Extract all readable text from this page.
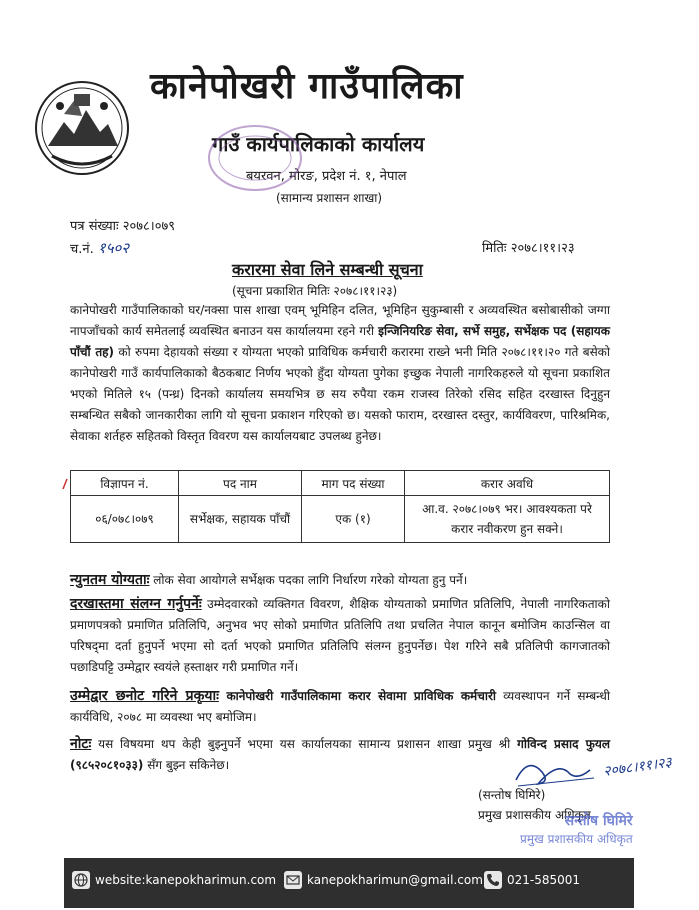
कानेपोखरी गाउँपालिका
गाउँ कार्यपालिकाको कार्यालय
बयरवन, मोरङ, प्रदेश नं. १, नेपाल
(सामान्य प्रशासन शाखा)
पत्र संख्याः २०७८।०७९
च.नं. १५०२	मितिः २०७८।११।२३
करारमा सेवा लिने सम्बन्धी सूचना
(सूचना प्रकाशित मितिः २०७८।११।२३)
कानेपोखरी गाउँपालिकाको घर/नक्सा पास शाखा एवम् भूमिहिन दलित, भूमिहिन सुकुम्बासी र अव्यवस्थित बसोबासीको जग्गा नापजाँचको कार्य समेतलाई व्यवस्थित बनाउन यस कार्यालयमा रहने गरी इन्जिनियरिङ सेवा, सर्भे समुह, सर्भेक्षक पद (सहायक पाँचौं तह) को रुपमा देहायको संख्या र योग्यता भएको प्राविधिक कर्मचारी करारमा राख्ने भनी मिति २०७८।११।२० गते बसेको कानेपोखरी गाउँ कार्यपालिकाको बैठकबाट निर्णय भएको हुँदा योग्यता पुगेका इच्छुक नेपाली नागरिकहरुले यो सूचना प्रकाशित भएको मितिले १५ (पन्ध्र) दिनको कार्यालय समयभित्र छ सय रुपैया रकम राजस्व तिरेको रसिद सहित दरखास्त दिनुहुन सम्बन्धित सबैको जानकारीका लागि यो सूचना प्रकाशन गरिएको छ। यसको फाराम, दरखास्त दस्तुर, कार्यविवरण, पारिश्रमिक, सेवाका शर्तहरु सहितको विस्तृत विवरण यस कार्यालयबाट उपलब्ध हुनेछ।
विज्ञापन नं.	पद नाम	माग पद संख्या	करार अवधि
०६/०७८।०७९	सर्भेक्षक, सहायक पाँचौं	एक (१)	आ.व. २०७८।०७९ भर। आवश्यकता परे करार नवीकरण हुन सक्ने।
न्युनतम योग्यताः लोक सेवा आयोगले सर्भेक्षक पदका लागि निर्धारण गरेको योग्यता हुनु पर्ने।
दरखास्तमा संलग्न गर्नुपर्नेः उम्मेदवारको व्यक्तिगत विवरण, शैक्षिक योग्यताको प्रमाणित प्रतिलिपि, नेपाली नागरिकताको प्रमाणपत्रको प्रमाणित प्रतिलिपि, अनुभव भए सोको प्रमाणित प्रतिलिपि तथा प्रचलित नेपाल कानून बमोजिम काउन्सिल वा परिषद्‌मा दर्ता हुनुपर्ने भएमा सो दर्ता भएको प्रमाणित प्रतिलिपि संलग्न हुनुपर्नेछ। पेश गरिने सबै प्रतिलिपी कागजातको पछाडिपट्टि उम्मेद्वार स्वयंले हस्ताक्षर गरी प्रमाणित गर्ने।
उम्मेद्वार छनोट गरिने प्रकृयाः कानेपोखरी गाउँपालिकामा करार सेवामा प्राविधिक कर्मचारी व्यवस्थापन गर्ने सम्बन्धी कार्यविधि, २०७८ मा व्यवस्था भए बमोजिम।
नोटः यस विषयमा थप केही बुझ्नुपर्ने भएमा यस कार्यालयका सामान्य प्रशासन शाखा प्रमुख श्री गोविन्द प्रसाद फुयल (९८५२०८१०३३) सँग बुझ्न सकिनेछ।	२०७८।११।२३
(सन्तोष घिमिरे)
प्रमुख प्रशासकीय अधिकृत
सन्तोष घिमिरे
प्रमुख प्रशासकीय अधिकृत
website:kanepokharimun.com	kanepokharimun@gmail.com 021-585001
